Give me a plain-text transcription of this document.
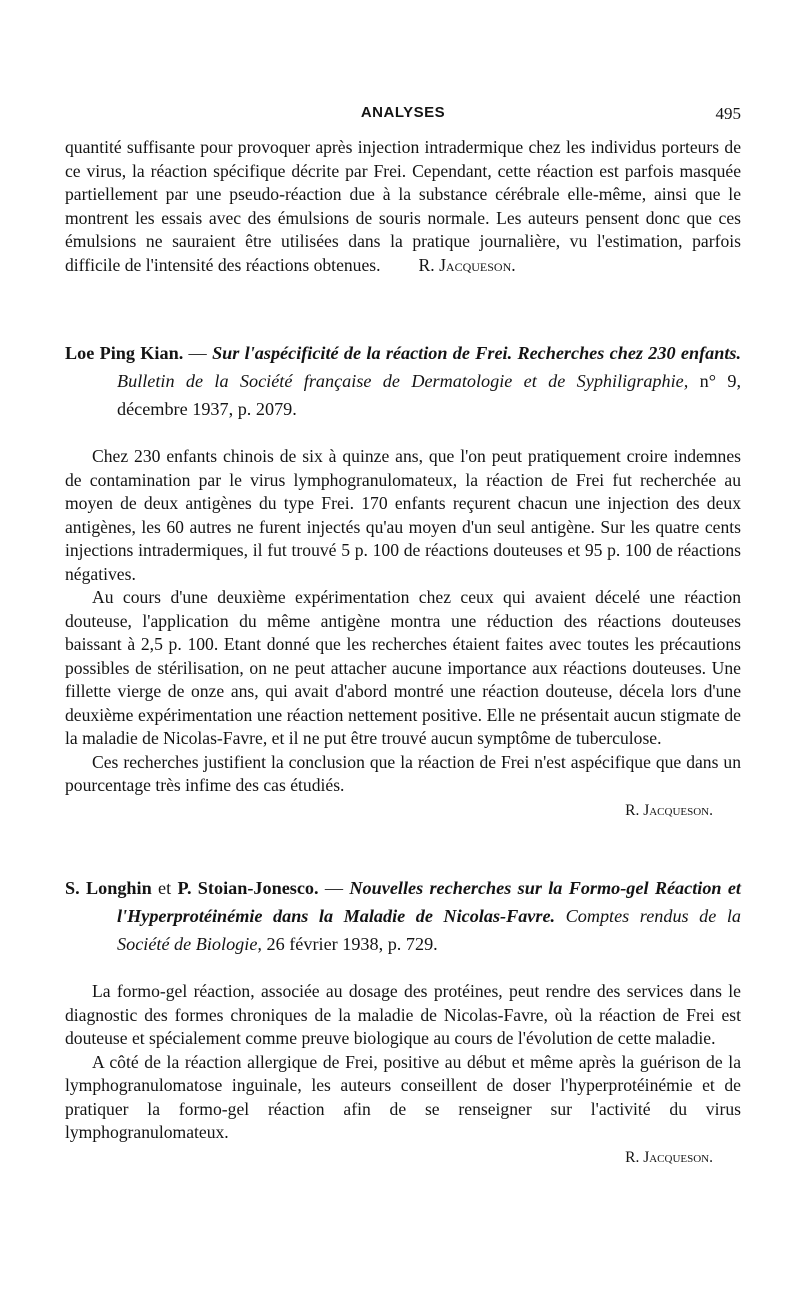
ANALYSES	495

quantité suffisante pour provoquer après injection intradermique chez les individus porteurs de ce virus, la réaction spécifique décrite par Frei. Cependant, cette réaction est parfois masquée partiellement par une pseudo-réaction due à la substance cérébrale elle-même, ainsi que le montrent les essais avec des émulsions de souris normale. Les auteurs pensent donc que ces émulsions ne sauraient être utilisées dans la pratique journalière, vu l'estimation, parfois difficile de l'intensité des réactions obtenues. R. Jacqueson.

Loe Ping Kian. — Sur l'aspécificité de la réaction de Frei. Recherches chez 230 enfants. Bulletin de la Société française de Dermatologie et de Syphiligraphie, n° 9, décembre 1937, p. 2079.

Chez 230 enfants chinois de six à quinze ans, que l'on peut pratiquement croire indemnes de contamination par le virus lymphogranulomateux, la réaction de Frei fut recherchée au moyen de deux antigènes du type Frei. 170 enfants reçurent chacun une injection des deux antigènes, les 60 autres ne furent injectés qu'au moyen d'un seul antigène. Sur les quatre cents injections intradermiques, il fut trouvé 5 p. 100 de réactions douteuses et 95 p. 100 de réactions négatives.

Au cours d'une deuxième expérimentation chez ceux qui avaient décelé une réaction douteuse, l'application du même antigène montra une réduction des réactions douteuses baissant à 2,5 p. 100. Etant donné que les recherches étaient faites avec toutes les précautions possibles de stérilisation, on ne peut attacher aucune importance aux réactions douteuses. Une fillette vierge de onze ans, qui avait d'abord montré une réaction douteuse, décela lors d'une deuxième expérimentation une réaction nettement positive. Elle ne présentait aucun stigmate de la maladie de Nicolas-Favre, et il ne put être trouvé aucun symptôme de tuberculose.

Ces recherches justifient la conclusion que la réaction de Frei n'est aspécifique que dans un pourcentage très infime des cas étudiés.

R. Jacqueson.

S. Longhin et P. Stoian-Jonesco. — Nouvelles recherches sur la Formo-gel Réaction et l'Hyperprotéinémie dans la Maladie de Nicolas-Favre. Comptes rendus de la Société de Biologie, 26 février 1938, p. 729.

La formo-gel réaction, associée au dosage des protéines, peut rendre des services dans le diagnostic des formes chroniques de la maladie de Nicolas-Favre, où la réaction de Frei est douteuse et spécialement comme preuve biologique au cours de l'évolution de cette maladie.

A côté de la réaction allergique de Frei, positive au début et même après la guérison de la lymphogranulomatose inguinale, les auteurs conseillent de doser l'hyperprotéinémie et de pratiquer la formo-gel réaction afin de se renseigner sur l'activité du virus lymphogranulomateux.

R. Jacqueson.
